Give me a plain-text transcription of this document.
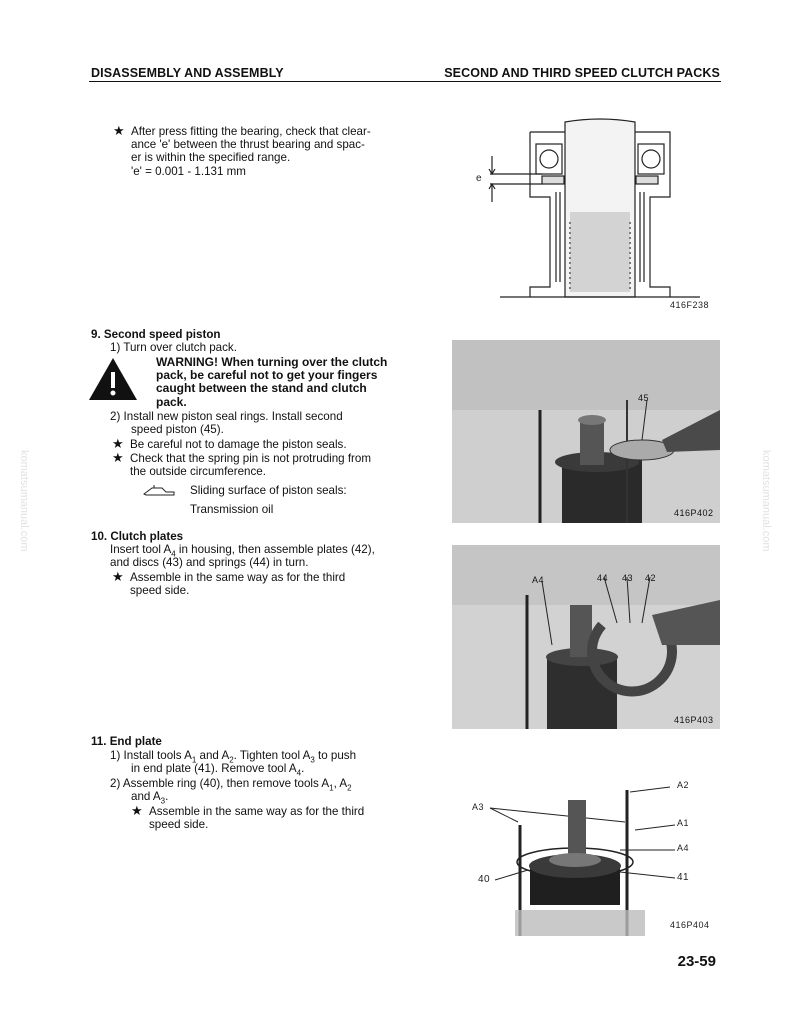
DISASSEMBLY AND ASSEMBLY	SECOND AND THIRD SPEED CLUTCH PACKS
komatsumanual.com	komatsumanual.com
★ After press fitting the bearing, check that clear-
ance 'e' between the thrust bearing and spac-
er is within the specified range.
'e' = 0.001 - 1.131 mm
e
416F238
9. Second speed piston
1) Turn over clutch pack.
WARNING! When turning over the clutch
pack, be careful not to get your fingers
caught between the stand and clutch
pack.
2) Install new piston seal rings. Install second
speed piston (45).
★ Be careful not to damage the piston seals.
★ Check that the spring pin is not protruding from
the outside circumference.
Sliding surface of piston seals:
Transmission oil
45
416P402
10. Clutch plates
Insert tool $A_4$ in housing, then assemble plates (42),
and discs (43) and springs (44) in turn.
★ Assemble in the same way as for the third
speed side.
A4	44 43 42
416P403
11. End plate
1) Install tools $A_1$ and $A_2$. Tighten tool $A_3$ to push
in end plate (41). Remove tool $A_4$.
2) Assemble ring (40), then remove tools $A_1$, $A_2$
and $A_3$.
★ Assemble in the same way as for the third
speed side.
A2
A3
A1
A4
40	41
416P404
23-59
